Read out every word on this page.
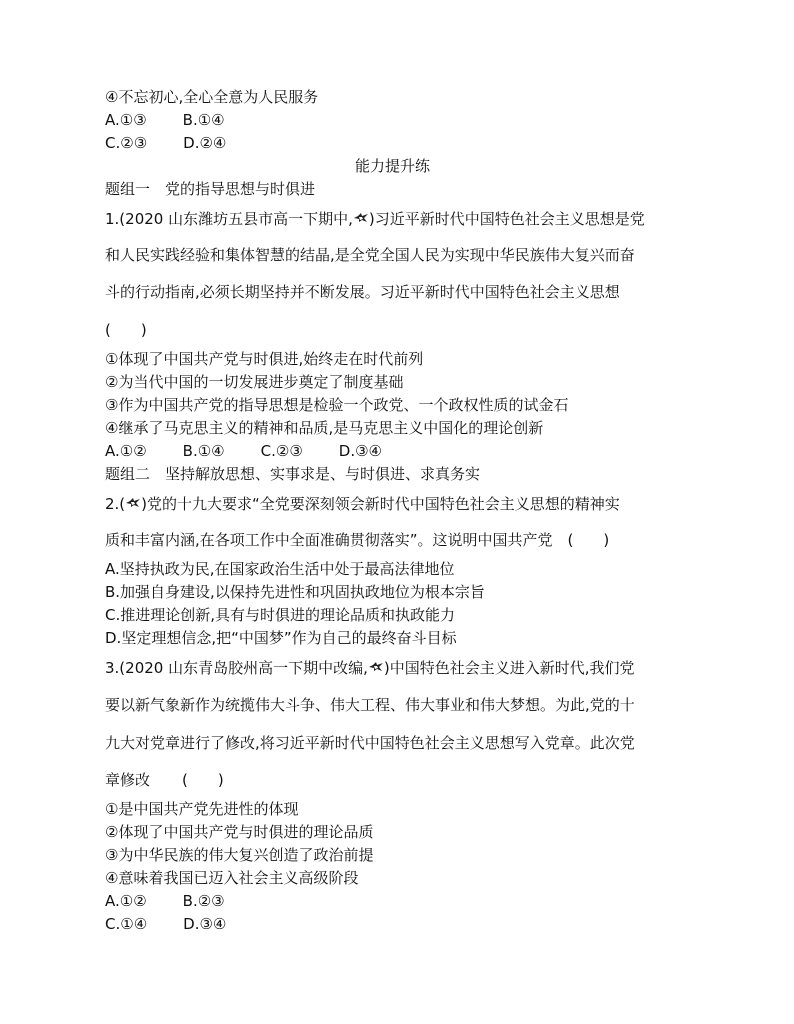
④不忘初心,全心全意为人民服务
A.①③ B.①④
C.②③ D.②④
能力提升练
题组一　党的指导思想与时俱进
1.(2020 山东潍坊五县市高一下期中, )习近平新时代中国特色社会主义思想是党
和人民实践经验和集体智慧的结晶,是全党全国人民为实现中华民族伟大复兴而奋
斗的行动指南,必须长期坚持并不断发展。习近平新时代中国特色社会主义思想
(　　)
①体现了中国共产党与时俱进,始终走在时代前列
②为当代中国的一切发展进步奠定了制度基础
③作为中国共产党的指导思想是检验一个政党、一个政权性质的试金石
④继承了马克思主义的精神和品质,是马克思主义中国化的理论创新
A.①② B.①④ C.②③ D.③④
题组二　坚持解放思想、实事求是、与时俱进、求真务实
2.( )党的十九大要求“全党要深刻领会新时代中国特色社会主义思想的精神实
质和丰富内涵,在各项工作中全面准确贯彻落实”。这说明中国共产党　(　　)
A.坚持执政为民,在国家政治生活中处于最高法律地位
B.加强自身建设,以保持先进性和巩固执政地位为根本宗旨
C.推进理论创新,具有与时俱进的理论品质和执政能力
D.坚定理想信念,把“中国梦”作为自己的最终奋斗目标
3.(2020 山东青岛胶州高一下期中改编, )中国特色社会主义进入新时代,我们党
要以新气象新作为统揽伟大斗争、伟大工程、伟大事业和伟大梦想。为此,党的十
九大对党章进行了修改,将习近平新时代中国特色社会主义思想写入党章。此次党
章修改 (　　)
①是中国共产党先进性的体现
②体现了中国共产党与时俱进的理论品质
③为中华民族的伟大复兴创造了政治前提
④意味着我国已迈入社会主义高级阶段
A.①② B.②③
C.①④ D.③④
